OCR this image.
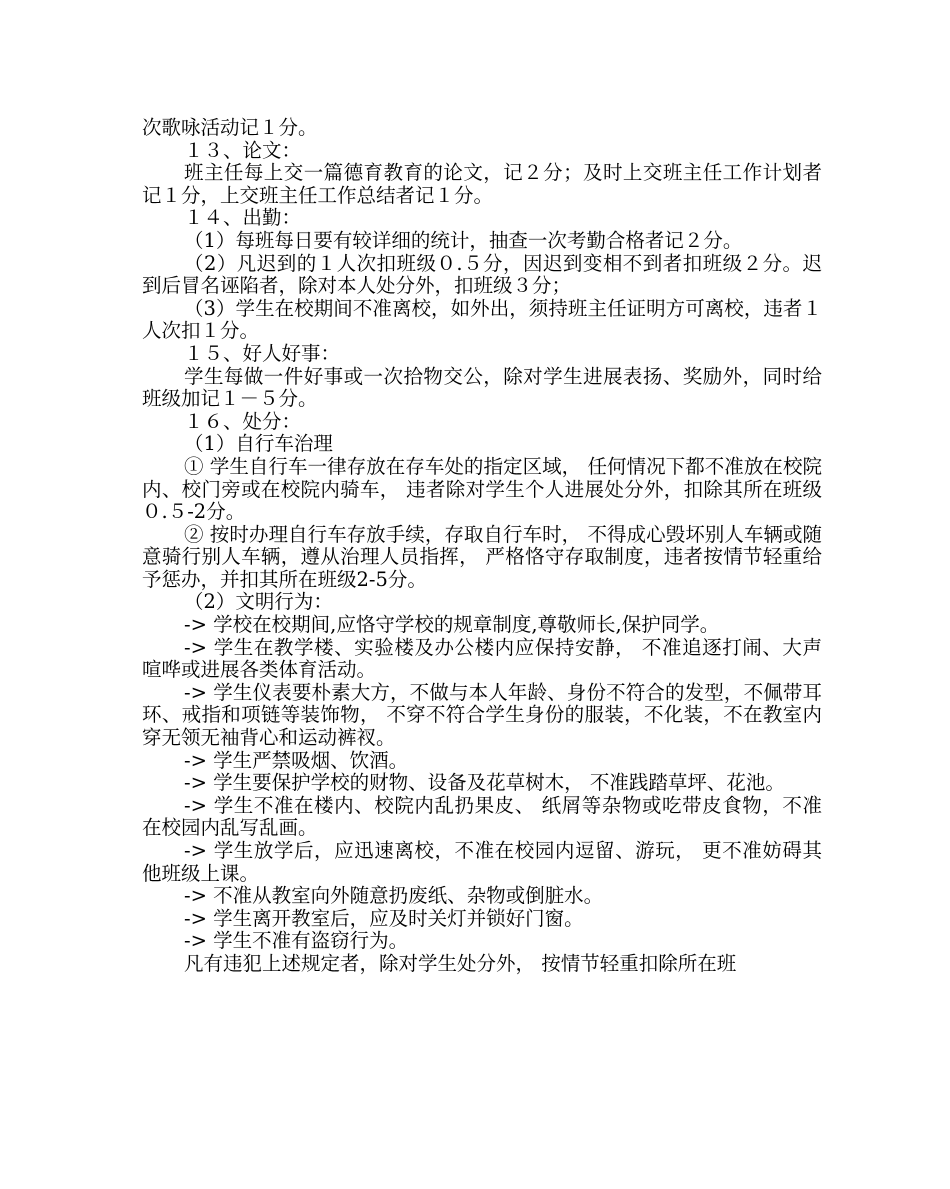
次歌咏活动记１分。

１３、论文：

班主任每上交一篇德育教育的论文，记２分；及时上交班主任工作计划者记１分，上交班主任工作总结者记１分。

１４、出勤：

（1）每班每日要有较详细的统计，抽查一次考勤合格者记２分。

（2）凡迟到的１人次扣班级０.５分，因迟到变相不到者扣班级２分。迟到后冒名诬陷者，除对本人处分外，扣班级３分；

（3）学生在校期间不准离校，如外出，须持班主任证明方可离校，违者１人次扣１分。

１５、好人好事：

学生每做一件好事或一次拾物交公，除对学生进展表扬、奖励外，同时给班级加记１－５分。

１６、处分：

（1）自行车治理

① 学生自行车一律存放在存车处的指定区域， 任何情况下都不准放在校院内、校门旁或在校院内骑车， 违者除对学生个人进展处分外，扣除其所在班级０.５-2分。

② 按时办理自行车存放手续，存取自行车时， 不得成心毁坏别人车辆或随意骑行别人车辆，遵从治理人员指挥， 严格恪守存取制度，违者按情节轻重给予惩办，并扣其所在班级2-5分。

（2）文明行为：

-> 学校在校期间,应恪守学校的规章制度,尊敬师长,保护同学。

-> 学生在教学楼、实验楼及办公楼内应保持安静， 不准追逐打闹、大声喧哗或进展各类体育活动。

-> 学生仪表要朴素大方，不做与本人年龄、身份不符合的发型，不佩带耳环、戒指和项链等装饰物， 不穿不符合学生身份的服装，不化装，不在教室内穿无领无袖背心和运动裤衩。

-> 学生严禁吸烟、饮酒。

-> 学生要保护学校的财物、设备及花草树木， 不准践踏草坪、花池。

-> 学生不准在楼内、校院内乱扔果皮、 纸屑等杂物或吃带皮食物，不准在校园内乱写乱画。

-> 学生放学后，应迅速离校，不准在校园内逗留、游玩， 更不准妨碍其他班级上课。

-> 不准从教室向外随意扔废纸、杂物或倒脏水。

-> 学生离开教室后，应及时关灯并锁好门窗。

-> 学生不准有盗窃行为。

凡有违犯上述规定者，除对学生处分外， 按情节轻重扣除所在班
